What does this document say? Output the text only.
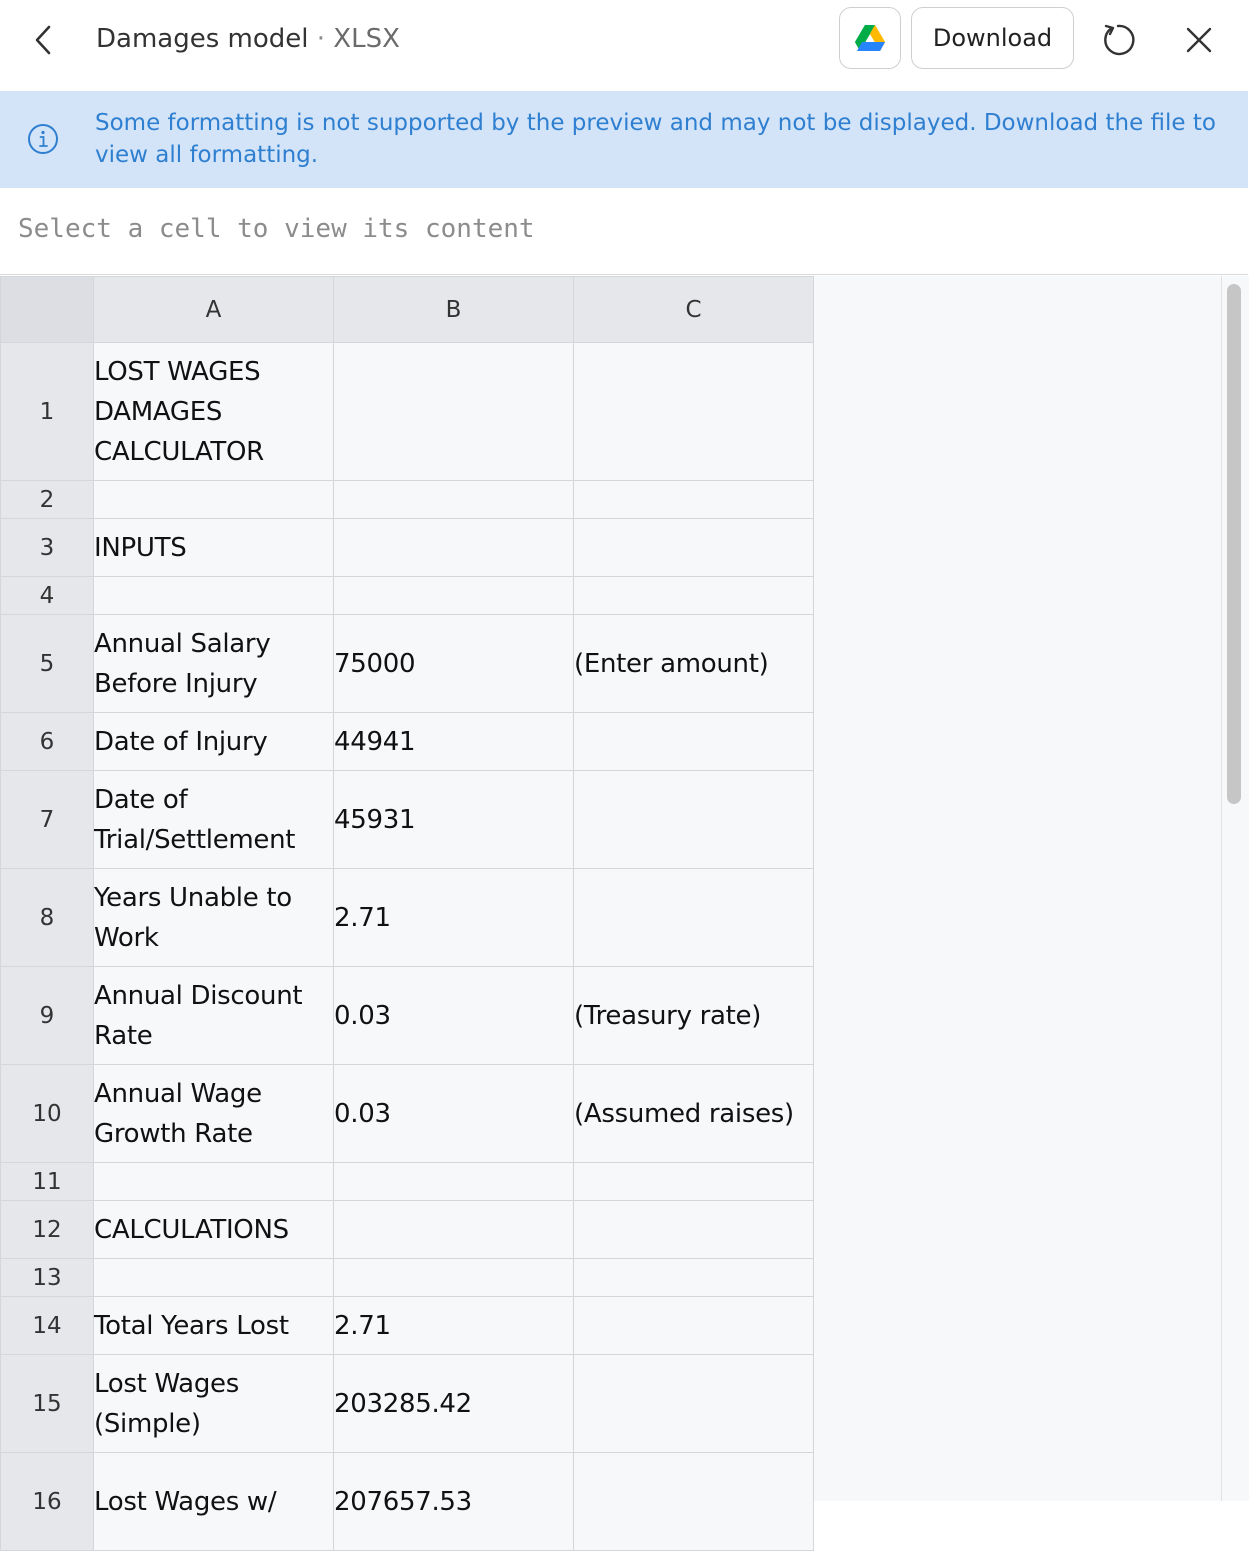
Damages model · XLSX	Download
Some formatting is not supported by the preview and may not be displayed. Download the file to view all formatting.
Select a cell to view its content
	A	B	C
1	LOST WAGES DAMAGES CALCULATOR		
2			
3	INPUTS		
4			
5	Annual Salary Before Injury	75000	(Enter amount)
6	Date of Injury	44941	
7	Date of Trial/Settlement	45931	
8	Years Unable to Work	2.71	
9	Annual Discount Rate	0.03	(Treasury rate)
10	Annual Wage Growth Rate	0.03	(Assumed raises)
11			
12	CALCULATIONS		
13			
14	Total Years Lost	2.71	
15	Lost Wages (Simple)	203285.42	
16	Lost Wages w/	207657.53	
